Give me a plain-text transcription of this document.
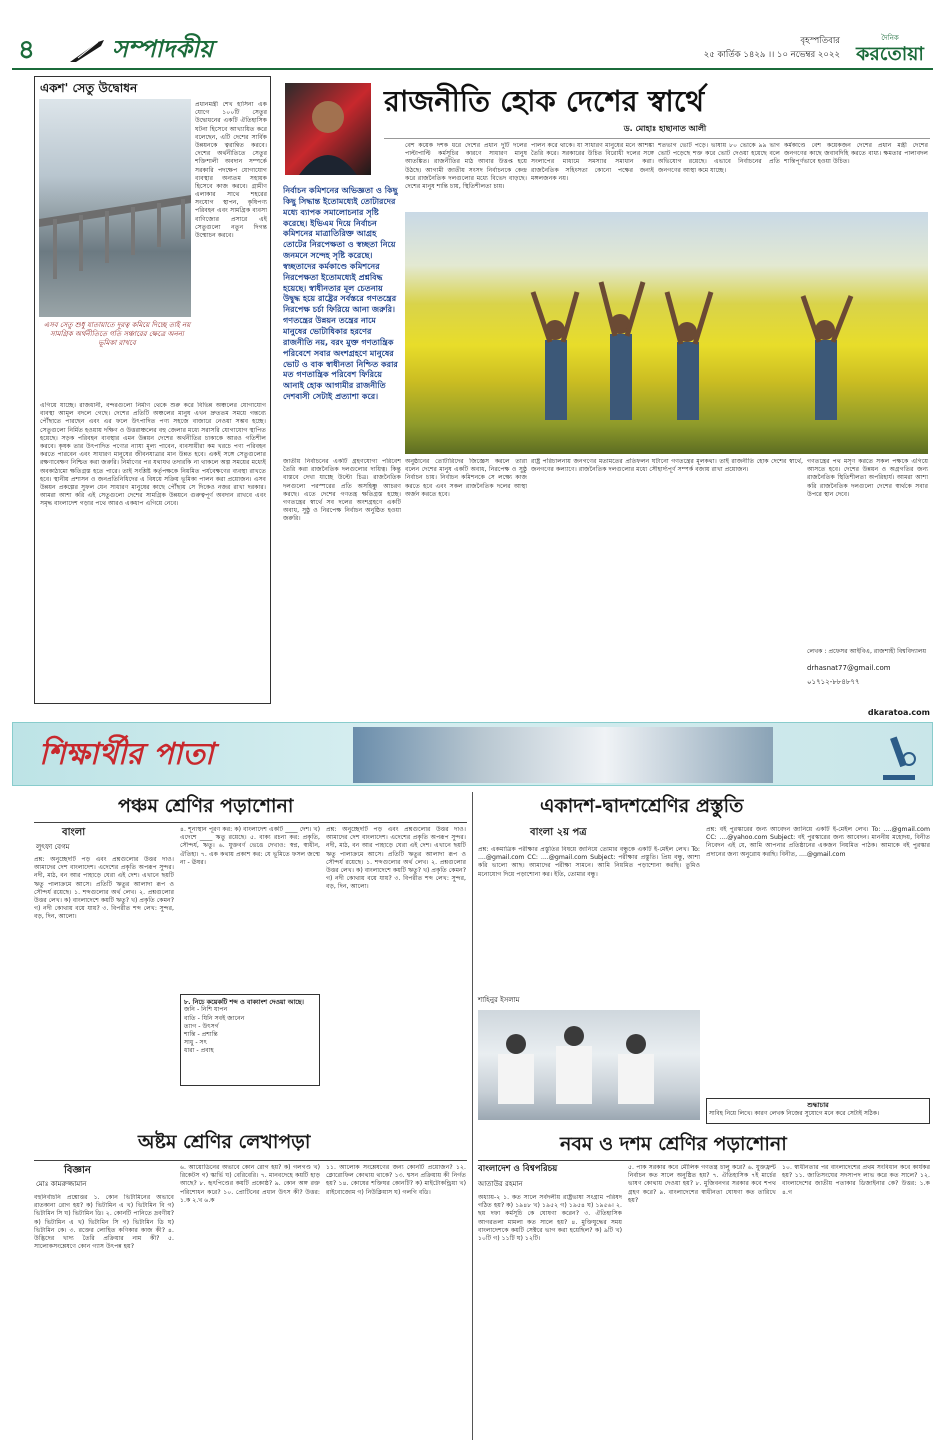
৪	সম্পাদকীয়	বৃহস্পতিবার
২৫ কার্তিক ১৪২৯ ।। ১০ নভেম্বর ২০২২
দৈনিক
করতোয়া
একশ' সেতু উদ্বোধন
প্রধানমন্ত্রী শেখ হাসিনা এক যোগে ১০০টি সেতুর উদ্বোধনের একটি ঐতিহাসিক ঘটনা হিসেবে আখ্যায়িত করে বলেছেন, এটি দেশের সার্বিক উন্নয়নকে ত্বরান্বিত করবে। দেশের অর্থনীতিতে সেতুর শক্তিশালী অবদান সম্পর্কে সরকারি পদক্ষেপ যোগাযোগ ব্যবস্থার অন্যতম সহায়ক হিসেবে কাজ করবে। গ্রামীণ এলাকার সাথে শহরের সংযোগ স্থাপন, কৃষিপণ্য পরিবহন এবং সামগ্রিক ব্যবসা বাণিজ্যের প্রসারে এই সেতুগুলো নতুন দিগন্ত উন্মোচন করবে।
এসব সেতু শুধু যাতায়াতে দূরত্ব কমিয়ে দিচ্ছে তাই নয় সামগ্রিক অর্থনীতিতে গতি সঞ্চারের ক্ষেত্রে অনন্য ভূমিকা রাখবে
এগিয়ে যাচ্ছে। রাজধানী, বন্দরগুলো নির্মাণ থেকে শুরু করে বিভিন্ন অঞ্চলের যোগাযোগ ব্যবস্থা আমূল বদলে গেছে। দেশের প্রতিটি অঞ্চলের মানুষ এখন দ্রুততম সময়ে গন্তব্যে পৌঁছাতে পারছেন এবং এর ফলে উৎপাদিত পণ্য সহজে বাজারে নেওয়া সম্ভব হচ্ছে। সেতুগুলো নির্মিত হওয়ায় দক্ষিণ ও উত্তরাঞ্চলের বহু জেলার মধ্যে সরাসরি যোগাযোগ স্থাপিত হয়েছে। সড়ক পরিবহন ব্যবস্থার এমন উন্নয়ন দেশের অর্থনীতির চাকাকে আরও গতিশীল করবে। কৃষক তার উৎপাদিত পণ্যের ন্যায্য মূল্য পাবেন, ব্যবসায়ীরা কম খরচে পণ্য পরিবহন করতে পারবেন এবং সাধারণ মানুষের জীবনযাত্রার মান উন্নত হবে। একই সঙ্গে সেতুগুলোর রক্ষণাবেক্ষণ নিশ্চিত করা জরুরি। নির্মাণের পর যথাযথ তদারকি না থাকলে অল্প সময়ের মধ্যেই অবকাঠামো ক্ষতিগ্রস্ত হতে পারে। তাই সংশ্লিষ্ট কর্তৃপক্ষকে নিয়মিত পর্যবেক্ষণের ব্যবস্থা রাখতে হবে। স্থানীয় প্রশাসন ও জনপ্রতিনিধিদের এ বিষয়ে সক্রিয় ভূমিকা পালন করা প্রয়োজন। এসব উন্নয়ন প্রকল্পের সুফল যেন সাধারণ মানুষের কাছে পৌঁছায় সে দিকেও নজর রাখা দরকার। আমরা আশা করি এই সেতুগুলো দেশের সামগ্রিক উন্নয়নে গুরুত্বপূর্ণ অবদান রাখবে এবং সমৃদ্ধ বাংলাদেশ গড়ার পথে আরও একধাপ এগিয়ে নেবে।
রাজনীতি হোক দেশের স্বার্থে
ড. মোহাঃ হাছানাত আলী
নির্বাচন কমিশনের অভিজ্ঞতা ও কিছু কিছু সিদ্ধান্ত ইতোমধ্যেই তোটারদের মধ্যে ব্যাপক সমালোচনার সৃষ্টি করেছে। ইভিএম দিয়ে নির্বাচন কমিশনের মাত্রাতিরিক্ত আগ্রহ তোটের নিরপেক্ষতা ও স্বচ্ছতা নিয়ে জনমনে সন্দেহ সৃষ্টি করেছে। স্বচ্ছতাদের কর্মকাণ্ডে কমিশনের নিরপেক্ষতা ইতোমধ্যেই প্রশ্নবিদ্ধ হয়েছে। স্বাধীনতার মূল চেতনায় উদ্বুদ্ধ হয়ে রাষ্ট্রের সর্বস্তরে গণতন্ত্রের নিরপেক্ষ চর্চা ফিরিয়ে আনা জরুরি। গণতন্ত্রের উন্নয়ন তন্ত্রের নামে মানুষের ভোটাধিকার হরণের রাজনীতি নয়, বরং মুক্ত গণতান্ত্রিক পরিবেশে সবার অংশগ্রহণে মানুষের ভোট ও বাক স্বাধীনতা নিশ্চিত করার মত গণতান্ত্রিক পরিবেশ ফিরিয়ে আনাই হোক আগামীর রাজনীতি দেশবাসী সেটাই প্রত্যাশা করে।
বেশ কয়েক দশক ধরে দেশের প্রধান দুটি দলের পাল্টাপাল্টি কর্মসূচির কারণে সাধারণ মানুষ আতঙ্কিত। রাজনীতির মাঠ আবার উত্তপ্ত হয়ে উঠছে। আগামী জাতীয় সংসদ নির্বাচনকে কেন্দ্র করে রাজনৈতিক দলগুলোর মধ্যে বিভেদ বাড়ছে। দেশের মানুষ শান্তি চায়, স্থিতিশীলতা চায়।
পালন করে থাকে। যা সাধারণ মানুষের মনে আশঙ্কা তৈরি করে। সরকারের উচিত বিরোধী দলের সঙ্গে সংলাপের মাধ্যমে সমস্যার সমাধান করা। রাজনৈতিক সহিংসতা কোনো পক্ষের জন্যই মঙ্গলজনক নয়।
শতভাগ ভোট পড়ে। ভাষায় ৮০ ভোকে ৯৯ ভাগ ভোট পড়েছে শক্ত করে ভোট দেওয়া হয়েছে বলে অভিযোগ রয়েছে। এভাবে নির্বাচনের প্রতি জনগণের আস্থা কমে যাচ্ছে।
কর্মকাণ্ডে বেশ কয়েকজন দেশের প্রধান মন্ত্রী দেশের জনগণের কাছে জবাবদিহি করতে বাধ্য। ক্ষমতার পালাবদল শান্তিপূর্ণভাবে হওয়া উচিত।
জাতীয় নির্বাচনের একটি গ্রহণযোগ্য পরিবেশ তৈরি করা রাজনৈতিক দলগুলোর দায়িত্ব। কিন্তু বাস্তবে দেখা যাচ্ছে উল্টো চিত্র। রাজনৈতিক দলগুলো পরস্পরের প্রতি অসহিষ্ণু আচরণ করছে। এতে দেশের গণতন্ত্র ক্ষতিগ্রস্ত হচ্ছে। গণতন্ত্রের স্বার্থে সব দলের অংশগ্রহণে একটি অবাধ, সুষ্ঠু ও নিরপেক্ষ নির্বাচন অনুষ্ঠিত হওয়া জরুরি।
অনুষ্ঠানের তোটারিদের জিজ্ঞেস করলে তারা বলেন দেশের মানুষ একটি অবাধ, নিরপেক্ষ ও সুষ্ঠু নির্বাচন চায়। নির্বাচন কমিশনকে সে লক্ষ্যে কাজ করতে হবে এবং সকল রাজনৈতিক দলের আস্থা অর্জন করতে হবে।
রাষ্ট্র পরিচালনায় জনগণের মতামতের প্রতিফলন ঘটানো গণতন্ত্রের মূলকথা। তাই রাজনীতি হোক দেশের স্বার্থে, জনগণের কল্যাণে। রাজনৈতিক দলগুলোর মধ্যে সৌহার্দ্যপূর্ণ সম্পর্ক বজায় রাখা প্রয়োজন।
গণতন্ত্রের পথ মসৃণ করতে সকল পক্ষকে এগিয়ে আসতে হবে। দেশের উন্নয়ন ও অগ্রগতির জন্য রাজনৈতিক স্থিতিশীলতা অপরিহার্য। আমরা আশা করি রাজনৈতিক দলগুলো দেশের স্বার্থকে সবার উপরে স্থান দেবে।
লেখক : প্রফেসর আইবিএ, রাজশাহী বিশ্ববিদ্যালয়
drhasnat77@gmail.com
০১৭১২-৮৮৪৮৭৭
শিক্ষার্থীর পাতা
dkaratoa.com
পঞ্চম শ্রেণির পড়াশোনা
বাংলা
লুৎফা বেগম
প্রশ্ন: অনুচ্ছেদটি পড় এবং প্রশ্নগুলোর উত্তর দাও। আমাদের দেশ বাংলাদেশ। এদেশের প্রকৃতি অপরূপ সুন্দর। নদী, মাঠ, বন আর পাহাড়ে ঘেরা এই দেশ। এখানে ছয়টি ঋতু পালাক্রমে আসে। প্রতিটি ঋতুর আলাদা রূপ ও সৌন্দর্য রয়েছে। ১. শব্দগুলোর অর্থ লেখ। ২. প্রশ্নগুলোর উত্তর লেখ। ক) বাংলাদেশে কয়টি ঋতু? খ) প্রকৃতি কেমন? গ) নদী কোথায় বয়ে যায়? ৩. বিপরীত শব্দ লেখ: সুন্দর, বড়, দিন, আলো।
৪. শূন্যস্থান পূরণ কর: ক) বাংলাদেশ একটি ____ দেশ। খ) এদেশে ____ ঋতু রয়েছে। ৫. বাক্য রচনা কর: প্রকৃতি, সৌন্দর্য, ঋতু। ৬. যুক্তবর্ণ ভেঙে দেখাও: স্বপ্ন, স্বাধীন, ঐতিহ্য। ৭. এক কথায় প্রকাশ কর: যে ভূমিতে ফসল জন্মে না - ঊষর।
৮. নিচে কয়েকটি শব্দ ও বাক্যাংশ দেওয়া আছে।
জনি - নিশি যাপন
বাতি - যিনি সবই জানেন
ত্যাগ - উৎসর্গ
শান্তি - প্রশান্তি
সাধু - সৎ
ধারা - প্রবাহ
প্রশ্ন: অনুচ্ছেদটি পড় এবং প্রশ্নগুলোর উত্তর দাও। আমাদের দেশ বাংলাদেশ। এদেশের প্রকৃতি অপরূপ সুন্দর। নদী, মাঠ, বন আর পাহাড়ে ঘেরা এই দেশ। এখানে ছয়টি ঋতু পালাক্রমে আসে। প্রতিটি ঋতুর আলাদা রূপ ও সৌন্দর্য রয়েছে। ১. শব্দগুলোর অর্থ লেখ। ২. প্রশ্নগুলোর উত্তর লেখ। ক) বাংলাদেশে কয়টি ঋতু? খ) প্রকৃতি কেমন? গ) নদী কোথায় বয়ে যায়? ৩. বিপরীত শব্দ লেখ: সুন্দর, বড়, দিন, আলো।
অষ্টম শ্রেণির লেখাপড়া
বিজ্ঞান
মোঃ কামরুজ্জামান
বহুনির্বাচনি প্রশ্নোত্তর ১. কোন ভিটামিনের অভাবে রাতকানা রোগ হয়? ক) ভিটামিন এ খ) ভিটামিন বি গ) ভিটামিন সি ঘ) ভিটামিন ডি। ২. কোনটি পানিতে দ্রবণীয়? ক) ভিটামিন এ খ) ভিটামিন সি গ) ভিটামিন ডি ঘ) ভিটামিন কে। ৩. রক্তের লোহিত কণিকার কাজ কী? ৪. উদ্ভিদের খাদ্য তৈরি প্রক্রিয়ার নাম কী? ৫. সালোকসংশ্লেষণে কোন গ্যাস উৎপন্ন হয়?
৬. আয়োডিনের অভাবে কোন রোগ হয়? ক) গলগণ্ড খ) রিকেটস গ) স্কার্ভি ঘ) বেরিবেরি। ৭. মানবদেহে কয়টি হাড় আছে? ৮. হৃৎপিণ্ডের কয়টি প্রকোষ্ঠ? ৯. কোন অঙ্গ রক্ত পরিশোধন করে? ১০. প্রোটিনের প্রধান উৎস কী? উত্তর: ১.ক ২.খ ৬.ক
১১. আলোক সংশ্লেষণের জন্য কোনটি প্রয়োজন? ১২. ক্লোরোফিল কোথায় থাকে? ১৩. শ্বসন প্রক্রিয়ায় কী নির্গত হয়? ১৪. কোষের শক্তিঘর কোনটি? ক) মাইটোকন্ড্রিয়া খ) রাইবোজোম গ) নিউক্লিয়াস ঘ) গলগি বডি।
একাদশ-দ্বাদশশ্রেণির প্রস্তুতি
বাংলা ২য় পত্র
প্রশ্ন: একমাত্রিক পরীক্ষার প্রস্তুতির বিষয়ে জানিয়ে তোমার বন্ধুকে একটি ই-মেইল লেখ। To: ....@gmail.com CC: ....@gmail.com Subject: পরীক্ষার প্রস্তুতি। প্রিয় বন্ধু, আশা করি ভালো আছ। আমাদের পরীক্ষা সামনে। আমি নিয়মিত পড়াশোনা করছি। তুমিও মনোযোগ দিয়ে পড়াশোনা কর। ইতি, তোমার বন্ধু।
শাহিনুর ইসলাম
প্রশ্ন: বই পুরস্কারের জন্য আবেদন জানিয়ে একটি ই-মেইল লেখ। To: ....@gmail.com CC: ....@yahoo.com Subject: বই পুরস্কারের জন্য আবেদন। মাননীয় মহোদয়, বিনীত নিবেদন এই যে, আমি আপনার প্রতিষ্ঠানের একজন নিয়মিত পাঠক। আমাকে বই পুরস্কার প্রদানের জন্য অনুরোধ করছি। বিনীত, ....@gmail.com
শুদ্ধাচার
সাবিহ নিয়ে লিখে। কারণ লেখক নিজের সুযোগে মনে করে সেটাই সঠিক।
নবম ও দশম শ্রেণির পড়াশোনা
বাংলাদেশ ও বিশ্বপরিচয়
আতাউর রহমান
অধ্যায়-২ ১. কত সালে সর্বদলীয় রাষ্ট্রভাষা সংগ্রাম পরিষদ গঠিত হয়? ক) ১৯৪৮ খ) ১৯৫২ গ) ১৯৫৪ ঘ) ১৯৫৬। ২. ছয় দফা কর্মসূচি কে ঘোষণা করেন? ৩. ঐতিহাসিক আগরতলা মামলা কত সালে হয়? ৪. মুক্তিযুদ্ধের সময় বাংলাদেশকে কয়টি সেক্টরে ভাগ করা হয়েছিল? ক) ৯টি খ) ১০টি গ) ১১টি ঘ) ১২টি।
৫. পাক সরকার কবে মৌলিক গণতন্ত্র চালু করে? ৬. যুক্তফ্রন্ট নির্বাচন কত সালে অনুষ্ঠিত হয়? ৭. ঐতিহাসিক ৭ই মার্চের ভাষণ কোথায় দেওয়া হয়? ৮. মুজিবনগর সরকার কবে শপথ গ্রহণ করে? ৯. বাংলাদেশের স্বাধীনতা ঘোষণা কত তারিখে হয়?
১০. স্বাধীনতার পর বাংলাদেশের প্রথম সংবিধান কবে কার্যকর হয়? ১১. জাতিসংঘের সদস্যপদ লাভ করে কত সালে? ১২. বাংলাদেশের জাতীয় পতাকার ডিজাইনার কে? উত্তর: ১.ক ৪.গ
